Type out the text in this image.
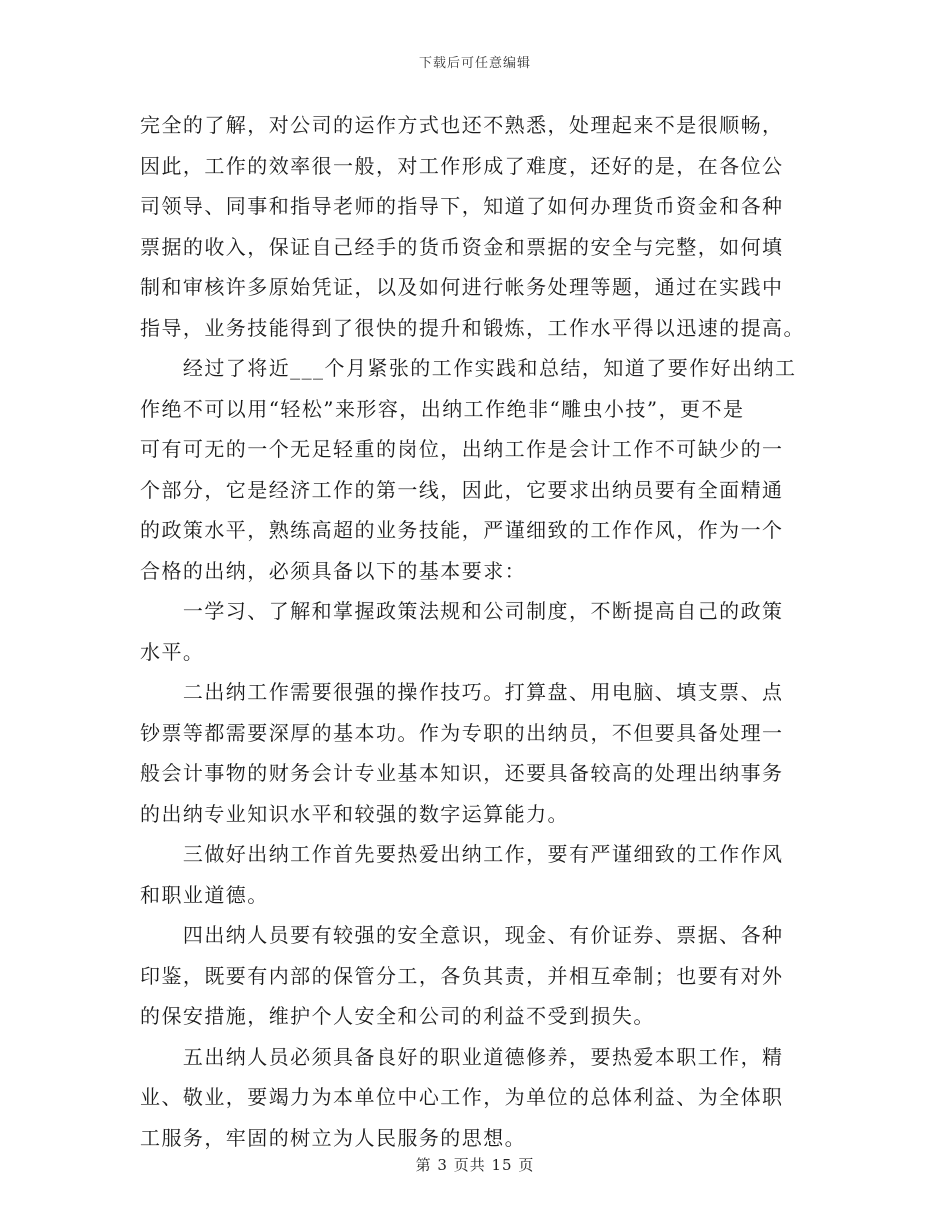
下载后可任意编辑
完全的了解，对公司的运作方式也还不熟悉，处理起来不是很顺畅，
因此，工作的效率很一般，对工作形成了难度，还好的是，在各位公
司领导、同事和指导老师的指导下，知道了如何办理货币资金和各种
票据的收入，保证自己经手的货币资金和票据的安全与完整，如何填
制和审核许多原始凭证，以及如何进行帐务处理等题，通过在实践中
指导，业务技能得到了很快的提升和锻炼，工作水平得以迅速的提高。
　　经过了将近___个月紧张的工作实践和总结，知道了要作好出纳工
作绝不可以用“轻松”来形容，出纳工作绝非“雕虫小技”，更不是
可有可无的一个无足轻重的岗位，出纳工作是会计工作不可缺少的一
个部分，它是经济工作的第一线，因此，它要求出纳员要有全面精通
的政策水平，熟练高超的业务技能，严谨细致的工作作风，作为一个
合格的出纳，必须具备以下的基本要求：
　　一学习、了解和掌握政策法规和公司制度，不断提高自己的政策
水平。
　　二出纳工作需要很强的操作技巧。打算盘、用电脑、填支票、点
钞票等都需要深厚的基本功。作为专职的出纳员，不但要具备处理一
般会计事物的财务会计专业基本知识，还要具备较高的处理出纳事务
的出纳专业知识水平和较强的数字运算能力。
　　三做好出纳工作首先要热爱出纳工作，要有严谨细致的工作作风
和职业道德。
　　四出纳人员要有较强的安全意识，现金、有价证券、票据、各种
印鉴，既要有内部的保管分工，各负其责，并相互牵制；也要有对外
的保安措施，维护个人安全和公司的利益不受到损失。
　　五出纳人员必须具备良好的职业道德修养，要热爱本职工作，精
业、敬业，要竭力为本单位中心工作，为单位的总体利益、为全体职
工服务，牢固的树立为人民服务的思想。
第 3 页共 15 页
